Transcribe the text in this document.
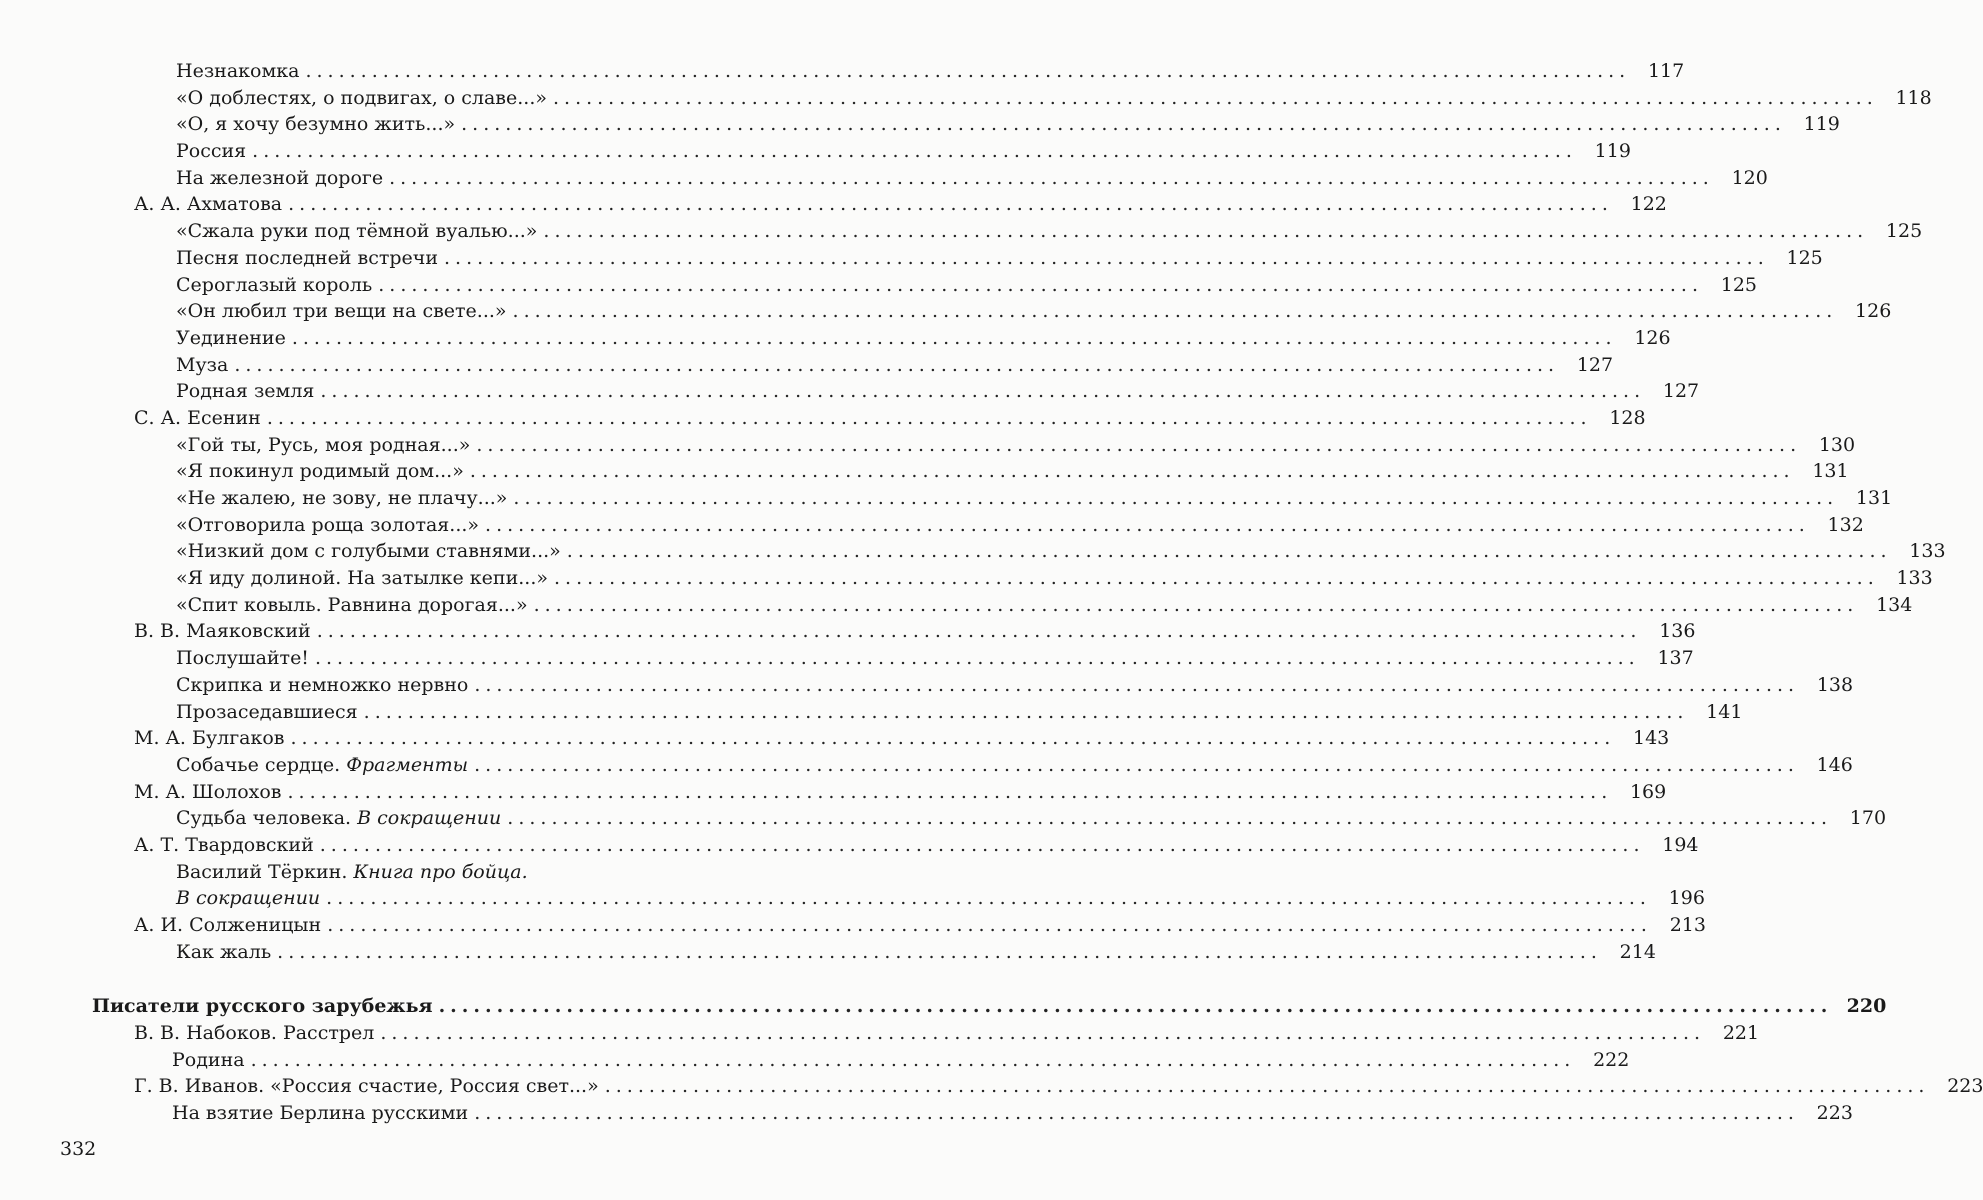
Незнакомка ........................................................................................................................ 117
«О доблестях, о подвигах, о славе...» ........................................................................................................................ 118
«О, я хочу безумно жить...» ........................................................................................................................ 119
Россия ........................................................................................................................ 119
На железной дороге ........................................................................................................................ 120
А. А. Ахматова ........................................................................................................................ 122
«Сжала руки под тёмной вуалью...» ........................................................................................................................ 125
Песня последней встречи ........................................................................................................................ 125
Сероглазый король ........................................................................................................................ 125
«Он любил три вещи на свете...» ........................................................................................................................ 126
Уединение ........................................................................................................................ 126
Муза ........................................................................................................................ 127
Родная земля ........................................................................................................................ 127
С. А. Есенин ........................................................................................................................ 128
«Гой ты, Русь, моя родная...» ........................................................................................................................ 130
«Я покинул родимый дом...» ........................................................................................................................ 131
«Не жалею, не зову, не плачу...» ........................................................................................................................ 131
«Отговорила роща золотая...» ........................................................................................................................ 132
«Низкий дом с голубыми ставнями...» ........................................................................................................................ 133
«Я иду долиной. На затылке кепи...» ........................................................................................................................ 133
«Спит ковыль. Равнина дорогая...» ........................................................................................................................ 134
В. В. Маяковский ........................................................................................................................ 136
Послушайте! ........................................................................................................................ 137
Скрипка и немножко нервно ........................................................................................................................ 138
Прозаседавшиеся ........................................................................................................................ 141
М. А. Булгаков ........................................................................................................................ 143
Собачье сердце. Фрагменты ........................................................................................................................ 146
М. А. Шолохов ........................................................................................................................ 169
Судьба человека. В сокращении ........................................................................................................................ 170
А. Т. Твардовский ........................................................................................................................ 194
Василий Тёркин. Книга про бойца.
В сокращении ........................................................................................................................ 196
А. И. Солженицын ........................................................................................................................ 213
Как жаль ........................................................................................................................ 214
Писатели русского зарубежья ........................................................................................................................ 220
В. В. Набоков. Расстрел ........................................................................................................................ 221
Родина ........................................................................................................................ 222
Г. В. Иванов. «Россия счастие, Россия свет...» ........................................................................................................................ 223
На взятие Берлина русскими ........................................................................................................................ 223
332
